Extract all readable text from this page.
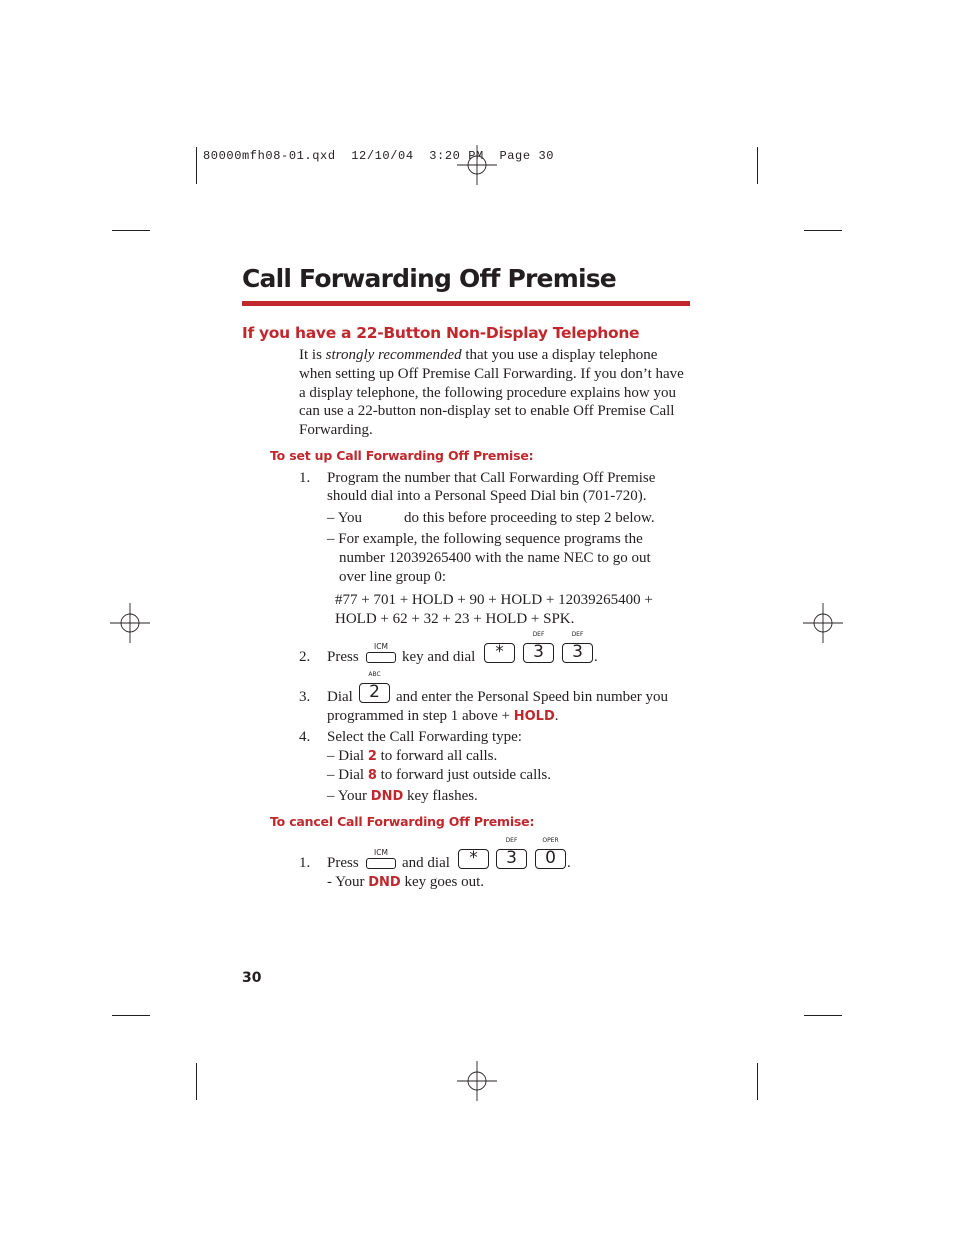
80000mfh08-01.qxd  12/10/04  3:20 PM  Page 30
Call Forwarding Off Premise
If you have a 22-Button Non-Display Telephone
It is strongly recommended that you use a display telephone when setting up Off Premise Call Forwarding. If you don’t have a display telephone, the following procedure explains how you can use a 22-button non-display set to enable Off Premise Call Forwarding.
To set up Call Forwarding Off Premise:
1. Program the number that Call Forwarding Off Premise
should dial into a Personal Speed Dial bin (701-720).
– You	do this before proceeding to step 2 below.
– For example, the following sequence programs the
number 12039265400 with the name NEC to go out
over line group 0:
#77 + 701 + HOLD + 90 + HOLD + 12039265400 +
HOLD + 62 + 32 + 23 + HOLD + SPK.
2. Press
ICM
key and dial	*
DEF
3
DEF
3 .
3. Dial
ABC
2	and enter the Personal Speed bin number you
programmed in step 1 above + HOLD.
4. Select the Call Forwarding type:
– Dial 2 to forward all calls.
– Dial 8 to forward just outside calls.
– Your DND key flashes.
To cancel Call Forwarding Off Premise:
1. Press
ICM
and dial	*
DEF
3
OPER
0 .
- Your DND key goes out.
30
